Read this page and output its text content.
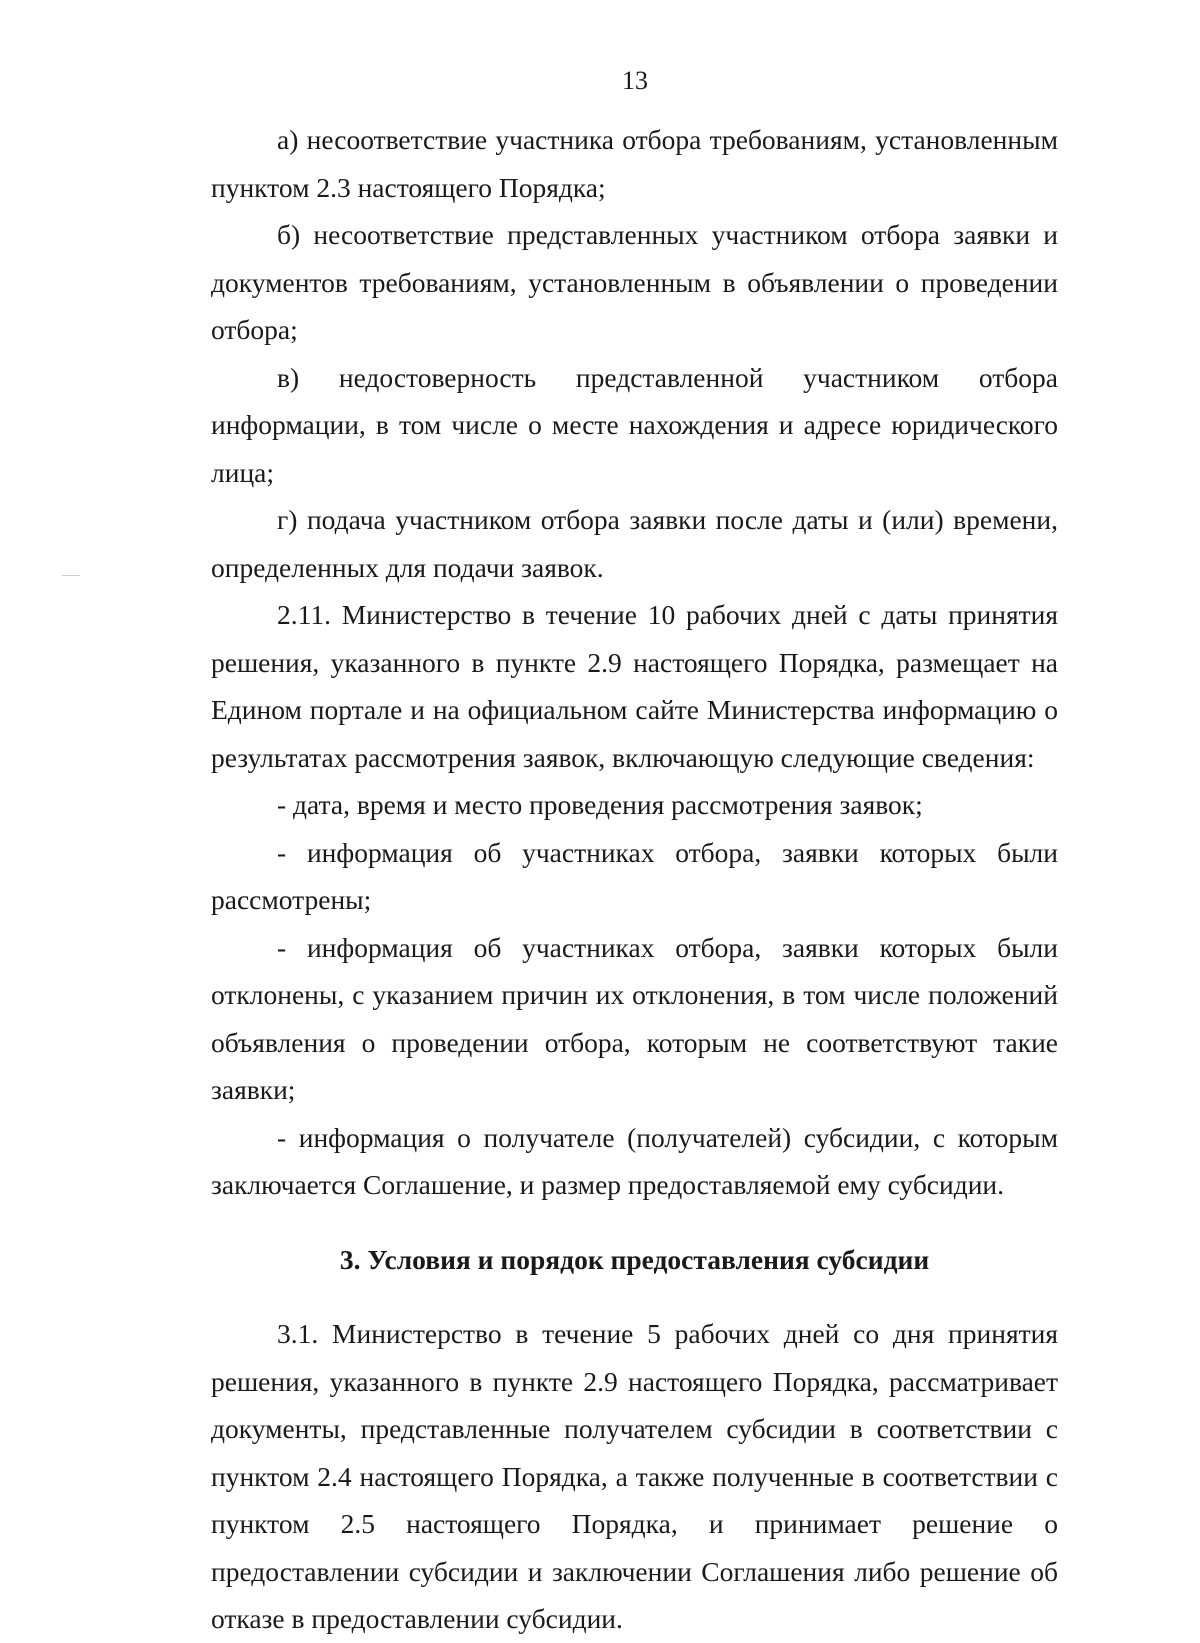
13

а) несоответствие участника отбора требованиям, установленным пунктом 2.3 настоящего Порядка;

б) несоответствие представленных участником отбора заявки и документов требованиям, установленным в объявлении о проведении отбора;

в) недостоверность представленной участником отбора информации, в том числе о месте нахождения и адресе юридического лица;

г) подача участником отбора заявки после даты и (или) времени, определенных для подачи заявок.

2.11. Министерство в течение 10 рабочих дней с даты принятия решения, указанного в пункте 2.9 настоящего Порядка, размещает на Едином портале и на официальном сайте Министерства информацию о результатах рассмотрения заявок, включающую следующие сведения:

- дата, время и место проведения рассмотрения заявок;

- информация об участниках отбора, заявки которых были рассмотрены;

- информация об участниках отбора, заявки которых были отклонены, с указанием причин их отклонения, в том числе положений объявления о проведении отбора, которым не соответствуют такие заявки;

- информация о получателе (получателей) субсидии, с которым заключается Соглашение, и размер предоставляемой ему субсидии.

3. Условия и порядок предоставления субсидии

3.1. Министерство в течение 5 рабочих дней со дня принятия решения, указанного в пункте 2.9 настоящего Порядка, рассматривает документы, представленные получателем субсидии в соответствии с пунктом 2.4 настоящего Порядка, а также полученные в соответствии с пунктом 2.5 настоящего Порядка, и принимает решение о предоставлении субсидии и заключении Соглашения либо решение об отказе в предоставлении субсидии.
